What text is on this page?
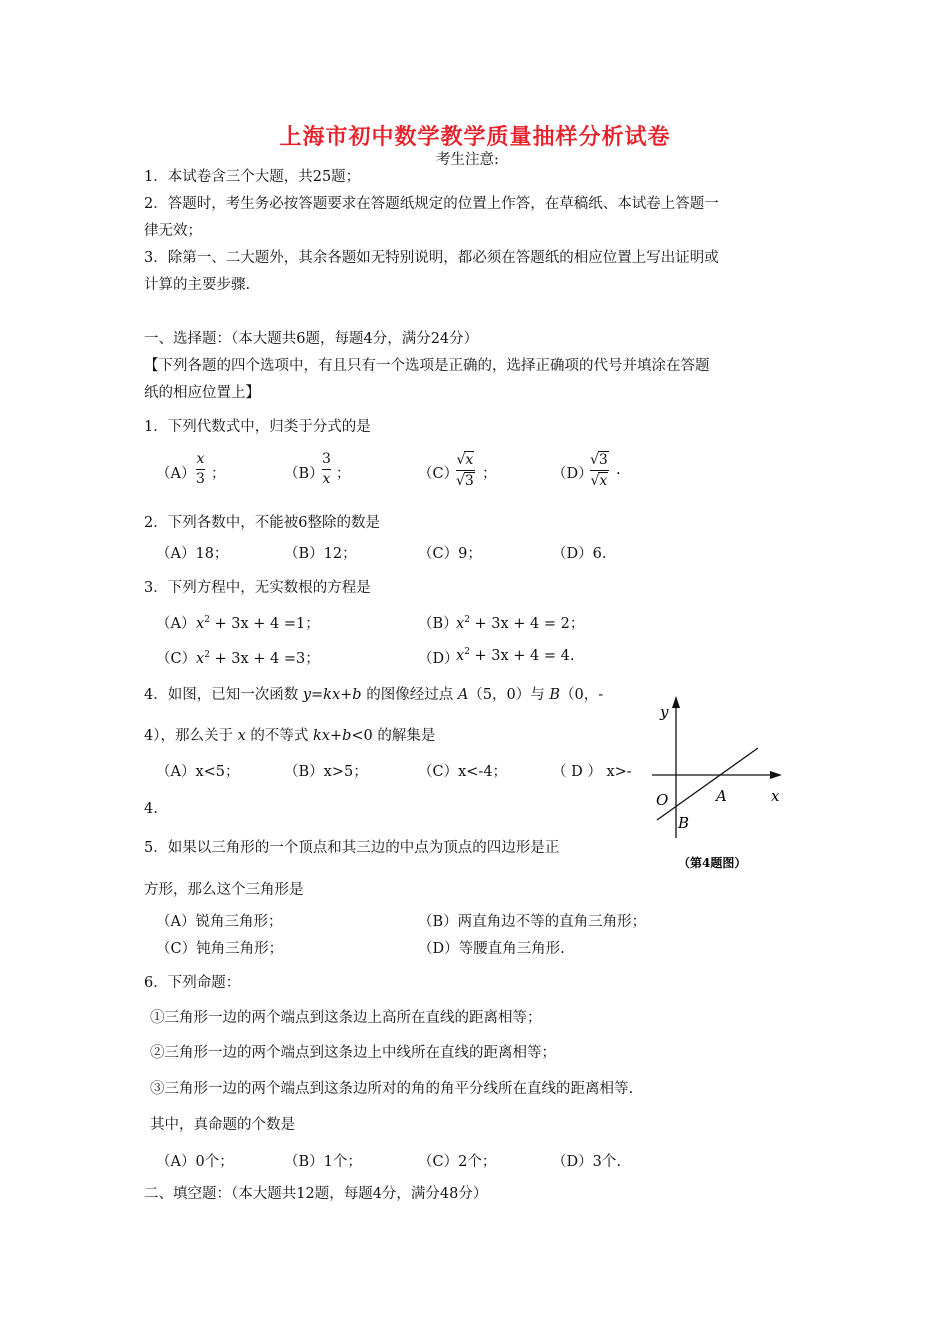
上海市初中数学教学质量抽样分析试卷
考生注意:
1．本试卷含三个大题，共25题；
2．答题时，考生务必按答题要求在答题纸规定的位置上作答，在草稿纸、本试卷上答题一
律无效；
3．除第一、二大题外，其余各题如无特别说明，都必须在答题纸的相应位置上写出证明或
计算的主要步骤.
一、选择题：（本大题共6题，每题4分，满分24分）
【下列各题的四个选项中，有且只有一个选项是正确的，选择正确项的代号并填涂在答题
纸的相应位置上】
1．下列代数式中，归类于分式的是
（A）
x
3 ；	（B）
3
x ；	（C）
√x
√3 ；	（D）
√3
√x
.
2．下列各数中，不能被6整除的数是
（A）18；	（B）12；	（C）9；	（D）6.
3．下列方程中，无实数根的方程是
（A） $x^2 + 3x + 4 =1$；	（B）
$x^2 + 3x + 4 = 2$；
（C） $x^2 + 3x + 4 =3$；	（D）
$x^2 + 3x + 4 = 4$.
4．如图，已知一次函数 y=kx+b 的图像经过点 A（5，0）与 B（0，-
4），那么关于 x 的不等式 kx+b<0 的解集是
（A）x<5；	（B）x>5；	（C）x<-4；	（ D ） x>-
4.
y
x
O	A
B
（第4题图）
5．如果以三角形的一个顶点和其三边的中点为顶点的四边形是正
方形，那么这个三角形是
（A）锐角三角形；	（B）两直角边不等的直角三角形；
（C）钝角三角形；	（D）等腰直角三角形.
6．下列命题：
①三角形一边的两个端点到这条边上高所在直线的距离相等；
②三角形一边的两个端点到这条边上中线所在直线的距离相等；
③三角形一边的两个端点到这条边所对的角的角平分线所在直线的距离相等.
其中，真命题的个数是
（A）0个；	（B）1个；	（C）2个；	（D）3个.
二、填空题：（本大题共12题，每题4分，满分48分）
